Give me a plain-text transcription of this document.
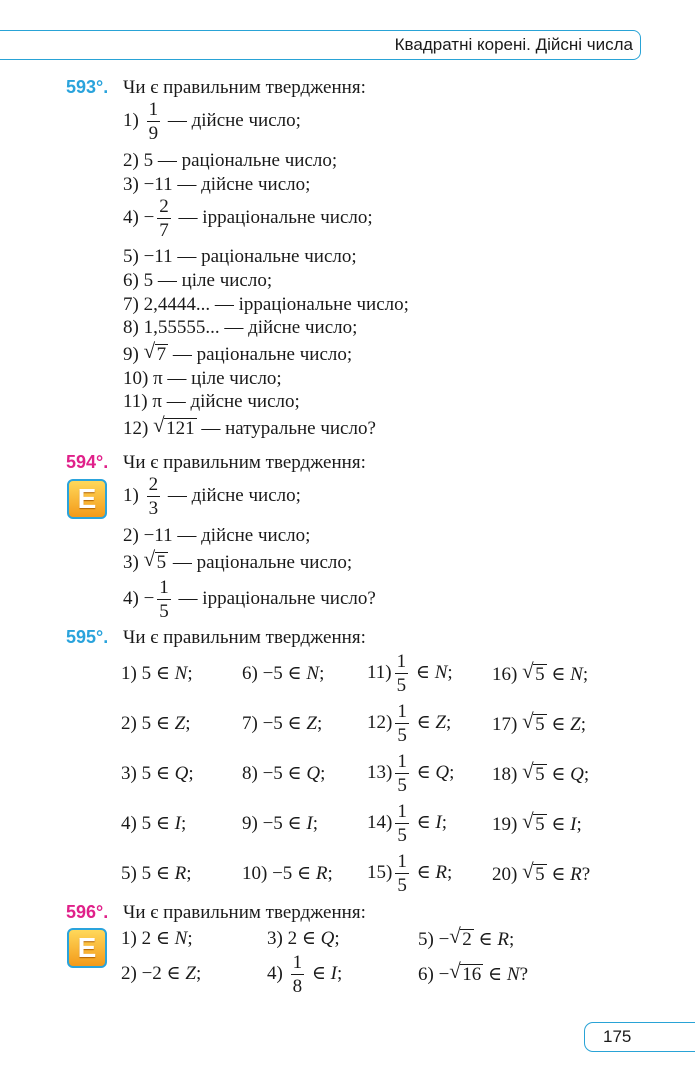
Квадратні корені. Дійсні числа
593°. Чи є правильним твердження:
$1) \frac{1}{9}$ — дійсне число;
2) 5 — раціональне число;
3) −11 — дійсне число;
$4) - \frac{2}{7}$ — ірраціональне число;
5) −11 — раціональне число;
6) 5 — ціле число;
7) 2,4444... — ірраціональне число;
8) 1,55555... — дійсне число;
9) √ 7 — раціональне число;
10) π — ціле число;
11) π — дійсне число;
12) √ 121 — натуральне число?
594°. Чи є правильним твердження:
Е	$1) \frac{2}{3}$ — дійсне число;
2) −11 — дійсне число;
3) √ 5 — раціональне число;
$4) - \frac{1}{5}$ — ірраціональне число?
595°. Чи є правильним твердження:
1) 5 ∈ N;	6) −5 ∈ N; $11) \frac{1}{5}$ ∈ N; 16) √ 5 ∈ N;
2) 5 ∈ Z;	7) −5 ∈ Z; $12) \frac{1}{5}$ ∈ Z; 17) √ 5 ∈ Z;
3) 5 ∈ Q;	8) −5 ∈ Q; $13) \frac{1}{5}$ ∈ Q; 18) √ 5 ∈ Q;
4) 5 ∈ I;	9) −5 ∈ I;	$14) \frac{1}{5}$ ∈ I; 19) √ 5 ∈ I;
5) 5 ∈ R;	10) −5 ∈ R; $15) \frac{1}{5}$ ∈ R; 20) √ 5 ∈ R?
596°. Чи є правильним твердження:
Е	1) 2 ∈ N;	3) 2 ∈ Q;	5) − √ 2 ∈ R;
2) −2 ∈ Z;	$4) \frac{1}{8}$ ∈ I;	6) − √ 16 ∈ N?
175
